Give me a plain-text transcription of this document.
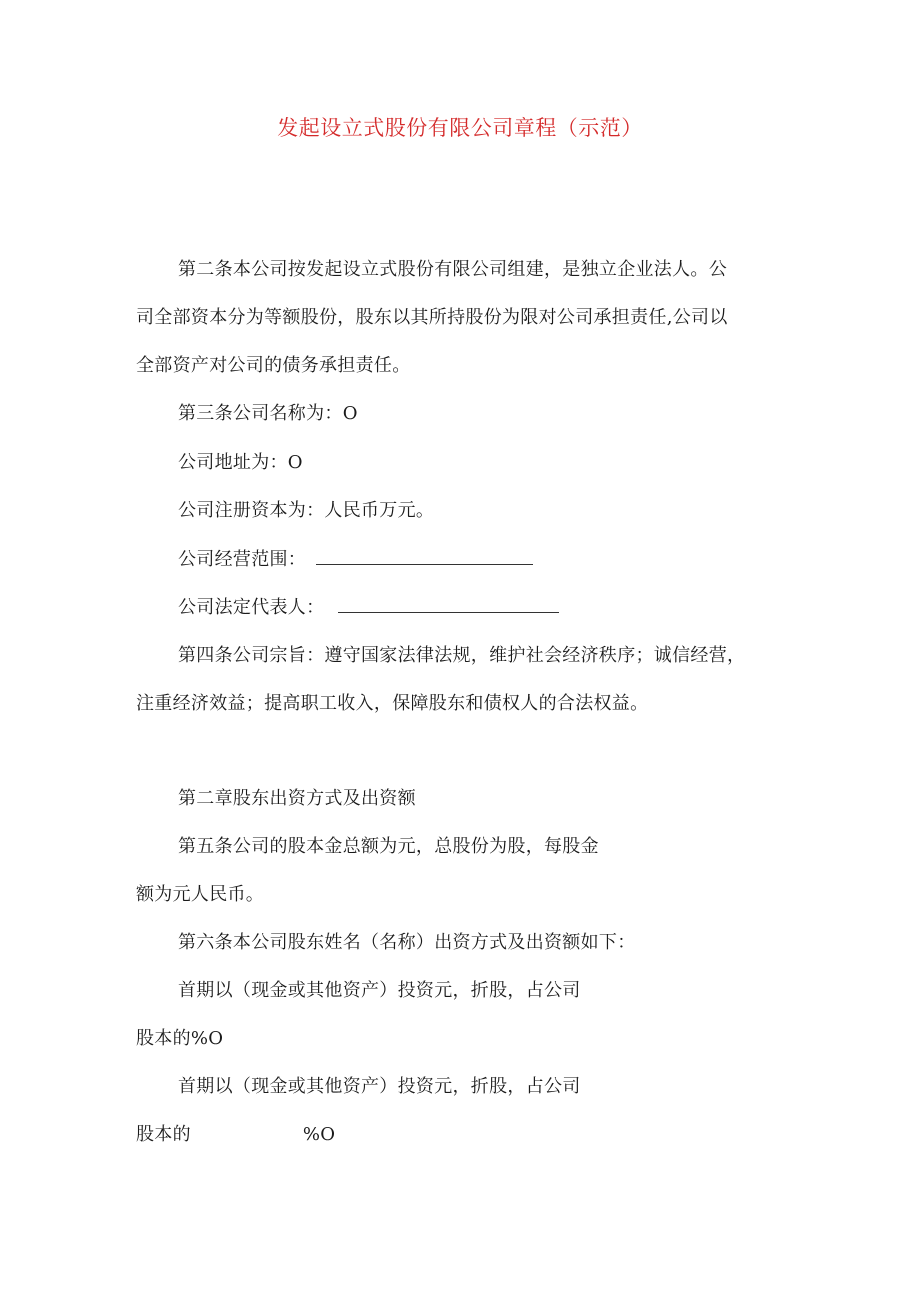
发起设立式股份有限公司章程（示范）
第二条本公司按发起设立式股份有限公司组建，是独立企业法人。公
司全部资本分为等额股份，股东以其所持股份为限对公司承担责任,公司以
全部资产对公司的债务承担责任。
第三条公司名称为：O
公司地址为：O
公司注册资本为：人民币万元。
公司经营范围：
公司法定代表人：
第四条公司宗旨：遵守国家法律法规，维护社会经济秩序；诚信经营，
注重经济效益；提高职工收入，保障股东和债权人的合法权益。
第二章股东出资方式及出资额
第五条公司的股本金总额为元，总股份为股，每股金
额为元人民币。
第六条本公司股东姓名（名称）出资方式及出资额如下：
首期以（现金或其他资产）投资元，折股，占公司
股本的%O
首期以（现金或其他资产）投资元，折股，占公司
股本的	%O
